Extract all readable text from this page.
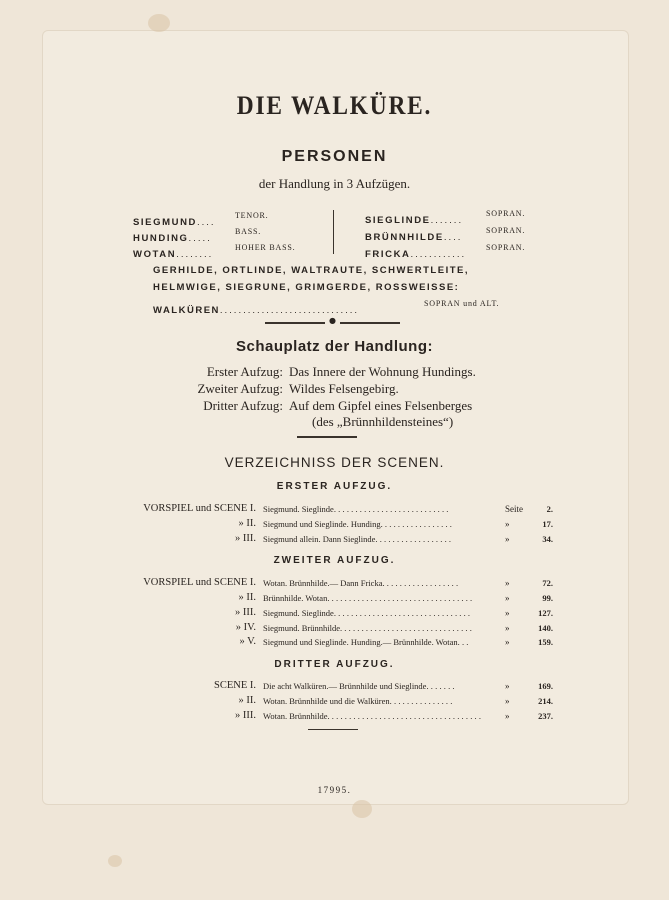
DIE WALKÜRE.
PERSONEN
der Handlung in 3 Aufzügen.
SIEGMUND....
TENOR.
HUNDING.....
BASS.
WOTAN........
HOHER BASS.
SIEGLINDE.......
SOPRAN.
BRÜNNHILDE....
SOPRAN.
FRICKA............
SOPRAN.
GERHILDE, ORTLINDE, WALTRAUTE, SCHWERTLEITE,
HELMWIGE, SIEGRUNE, GRIMGERDE, ROSSWEISSE:
WALKÜREN..............................
SOPRAN und ALT.
●
Schauplatz der Handlung:
Erster Aufzug: Das Innere der Wohnung Hundings.
Zweiter Aufzug: Wildes Felsengebirg.
Dritter Aufzug: Auf dem Gipfel eines Felsenberges
(des „Brünnhildensteines“)
VERZEICHNISS DER SCENEN.
ERSTER AUFZUG.
VORSPIEL und SCENE I. Siegmund. Sieglinde...........................	Seite	2.
» II. Siegmund und Sieglinde. Hunding.................	»	17.
» III. Siegmund allein. Dann Sieglinde..................	»	34.
ZWEITER AUFZUG.
VORSPIEL und SCENE I. Wotan. Brünnhilde.— Dann Fricka..................	»	72.
» II. Brünnhilde. Wotan..................................	»	99.
» III. Siegmund. Sieglinde................................	»	127.
» IV. Siegmund. Brünnhilde...............................	»	140.
» V. Siegmund und Sieglinde. Hunding.— Brünnhilde. Wotan...	»	159.
DRITTER AUFZUG.
SCENE I. Die acht Walküren.— Brünnhilde und Sieglinde.......	»	169.
» II. Wotan. Brünnhilde und die Walküren...............	»	214.
» III. Wotan. Brünnhilde.................................... »	237.
17995.
